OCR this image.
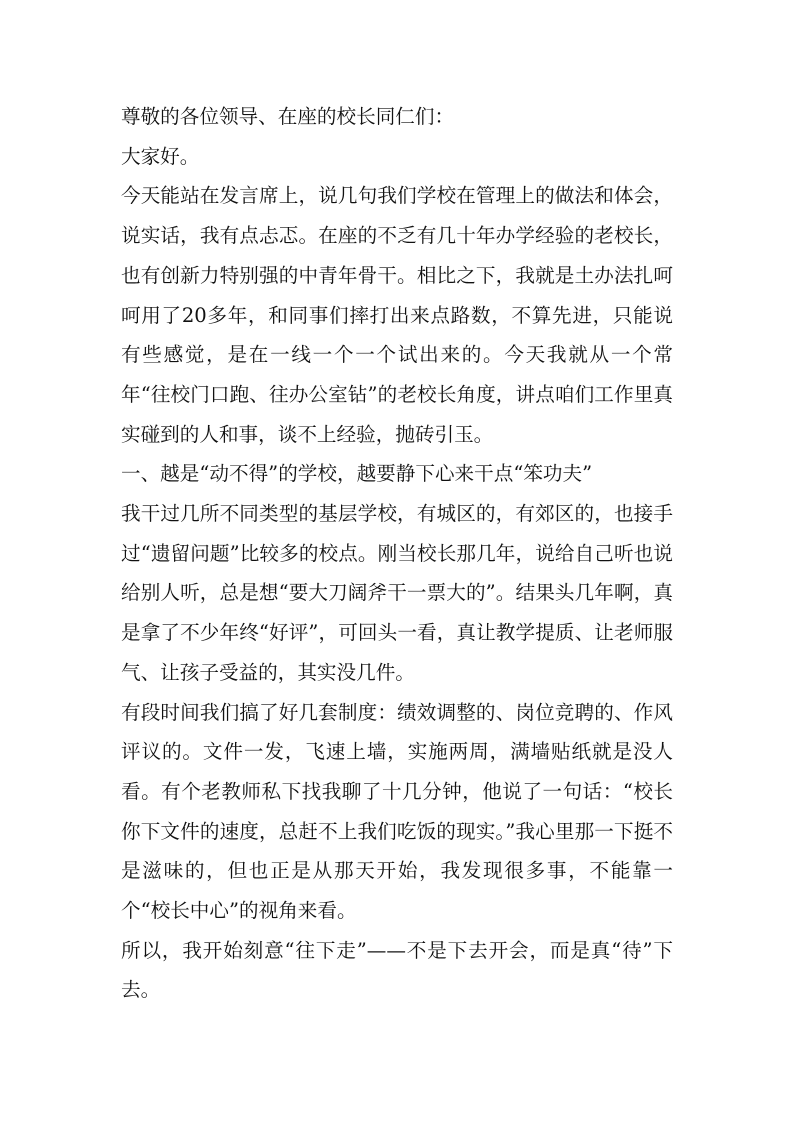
尊敬的各位领导、在座的校长同仁们：

大家好。

今天能站在发言席上，说几句我们学校在管理上的做法和体会，说实话，我有点忐忑。在座的不乏有几十年办学经验的老校长，也有创新力特别强的中青年骨干。相比之下，我就是土办法扎呵呵用了20多年，和同事们摔打出来点路数，不算先进，只能说有些感觉，是在一线一个一个试出来的。今天我就从一个常年“往校门口跑、往办公室钻”的老校长角度，讲点咱们工作里真实碰到的人和事，谈不上经验，抛砖引玉。

一、越是“动不得”的学校，越要静下心来干点“笨功夫”

我干过几所不同类型的基层学校，有城区的，有郊区的，也接手过“遗留问题”比较多的校点。刚当校长那几年，说给自己听也说给别人听，总是想“要大刀阔斧干一票大的”。结果头几年啊，真是拿了不少年终“好评”，可回头一看，真让教学提质、让老师服气、让孩子受益的，其实没几件。

有段时间我们搞了好几套制度：绩效调整的、岗位竞聘的、作风评议的。文件一发，飞速上墙，实施两周，满墙贴纸就是没人看。有个老教师私下找我聊了十几分钟，他说了一句话：“校长你下文件的速度，总赶不上我们吃饭的现实。”我心里那一下挺不是滋味的，但也正是从那天开始，我发现很多事，不能靠一个“校长中心”的视角来看。

所以，我开始刻意“往下走”——不是下去开会，而是真“待”下去。
